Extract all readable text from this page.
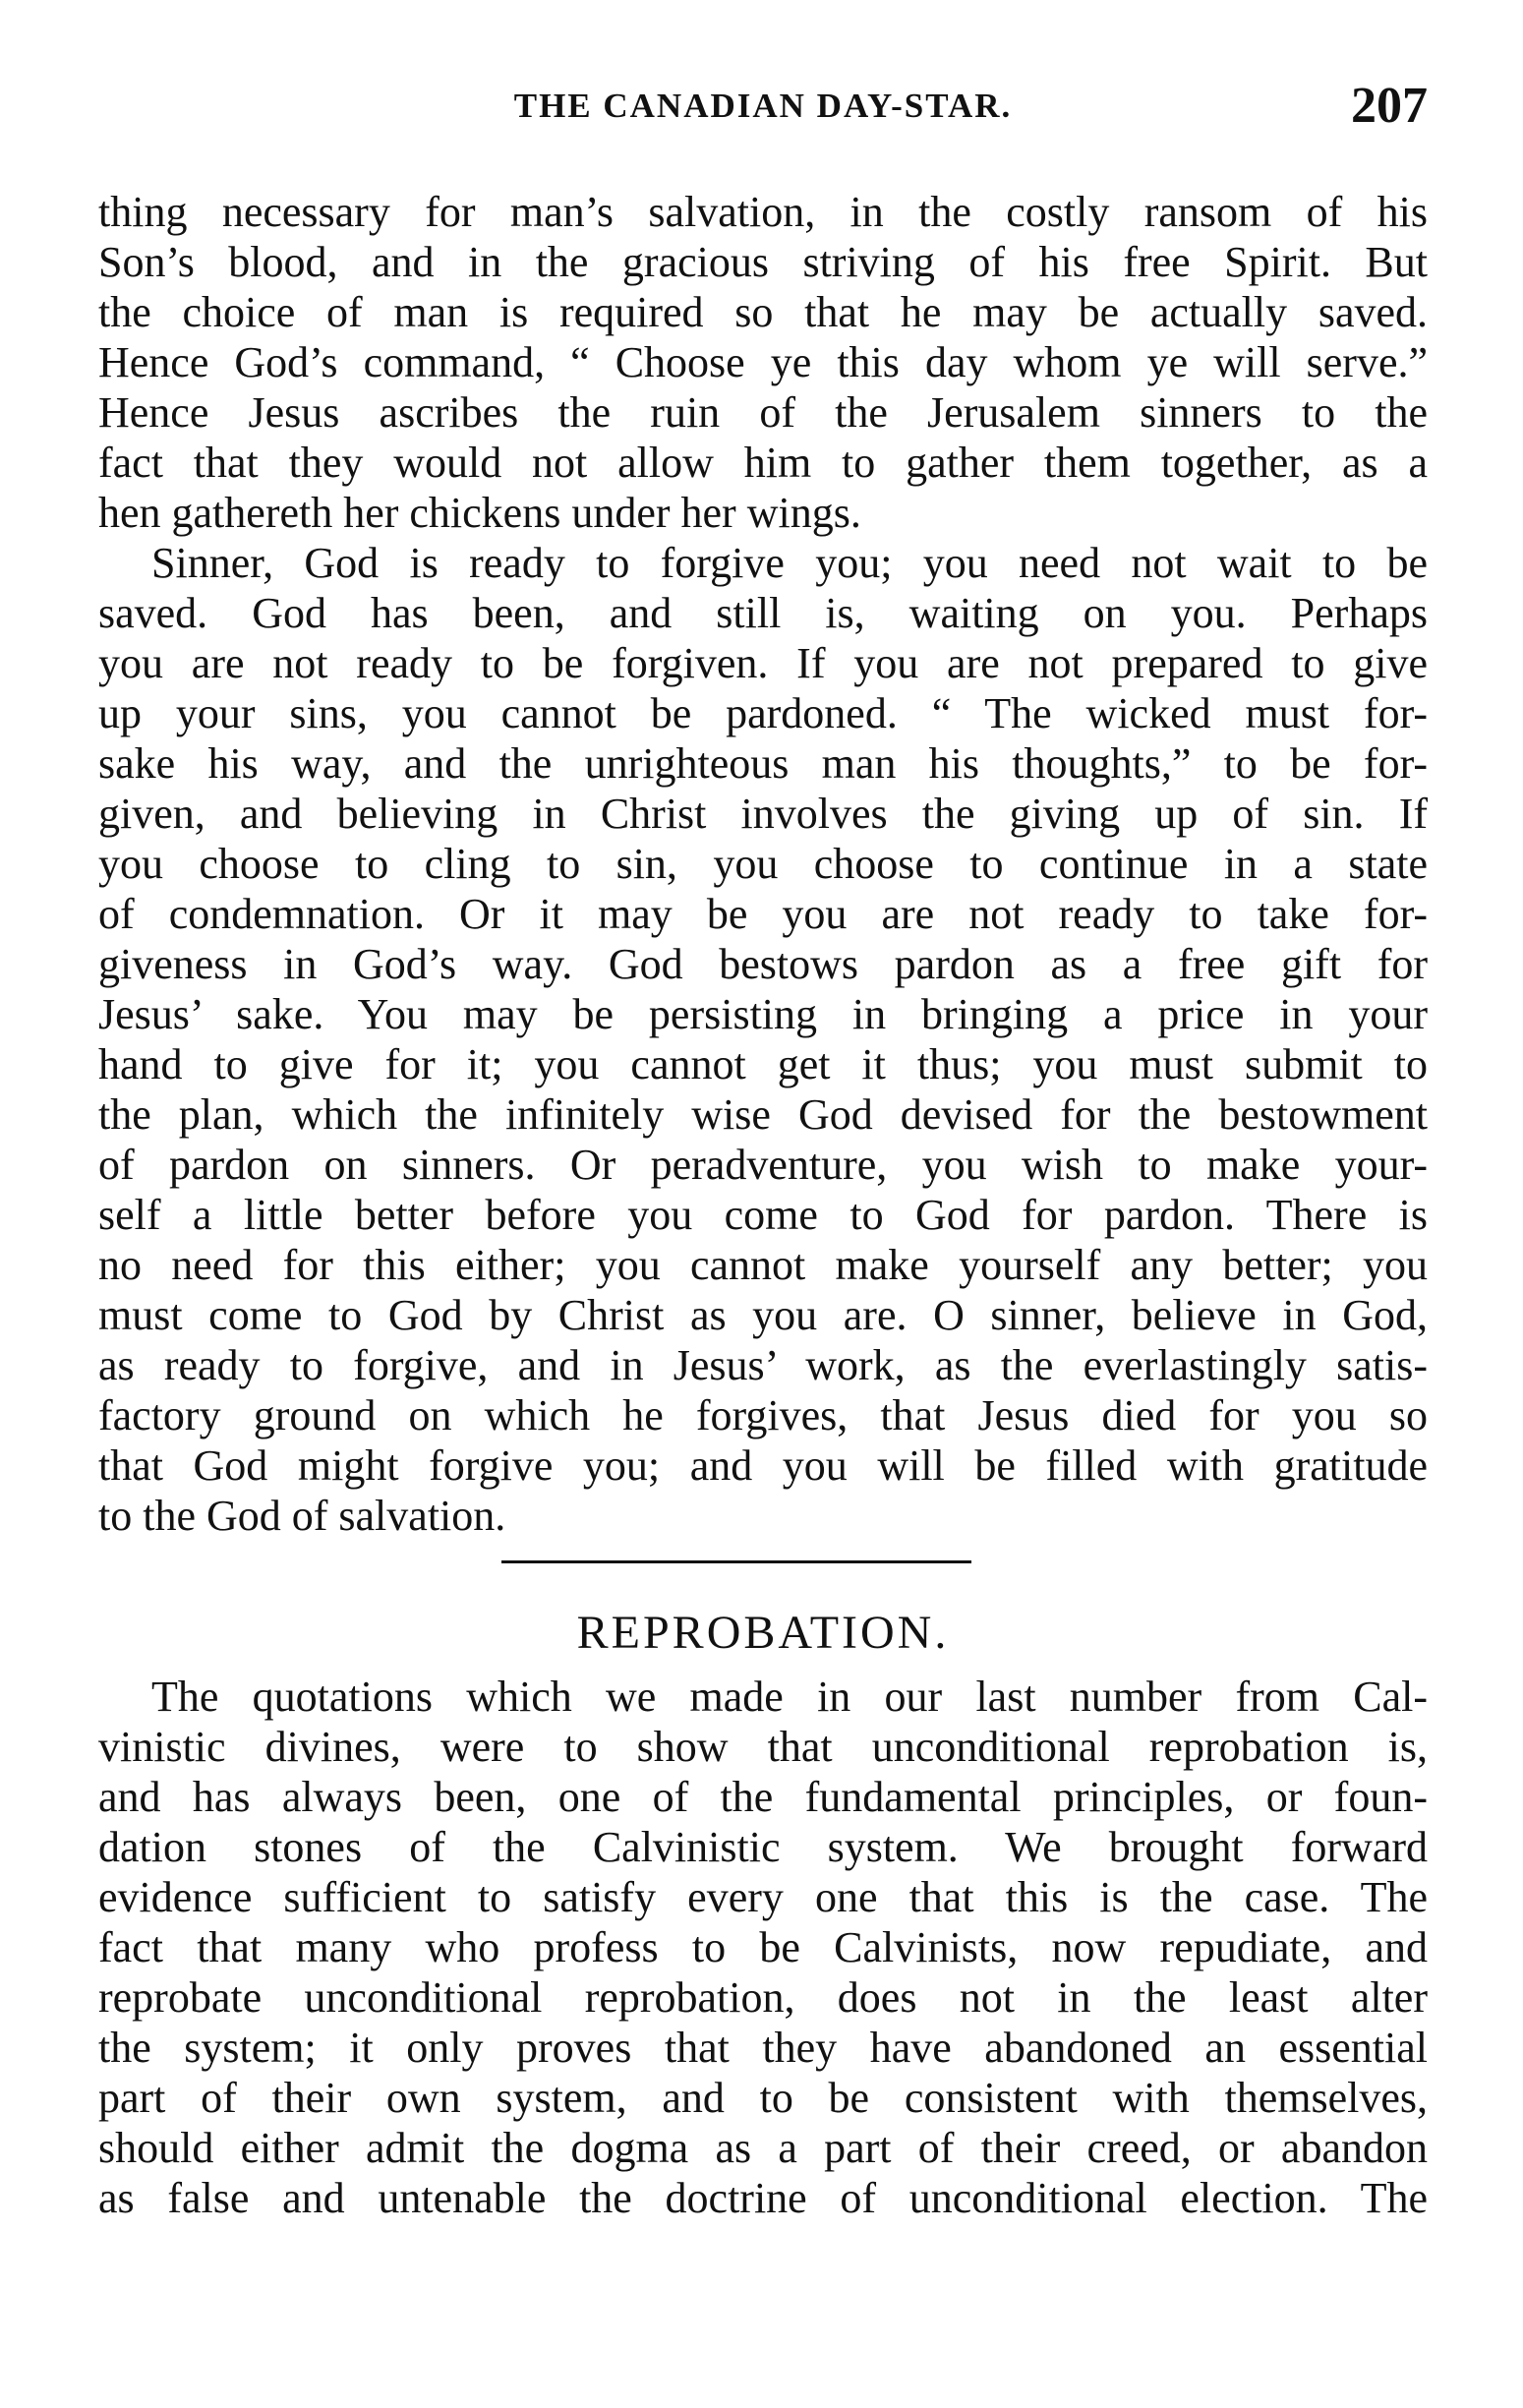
THE CANADIAN DAY-STAR.	207
thing necessary for man’s salvation, in the costly ransom of his
Son’s blood, and in the gracious striving of his free Spirit. But
the choice of man is required so that he may be actually saved.
Hence God’s command, “ Choose ye this day whom ye will serve.”
Hence Jesus ascribes the ruin of the Jerusalem sinners to the
fact that they would not allow him to gather them together, as a
hen gathereth her chickens under her wings.
Sinner, God is ready to forgive you; you need not wait to be
saved. God has been, and still is, waiting on you. Perhaps
you are not ready to be forgiven. If you are not prepared to give
up your sins, you cannot be pardoned. “ The wicked must for-
sake his way, and the unrighteous man his thoughts,” to be for-
given, and believing in Christ involves the giving up of sin. If
you choose to cling to sin, you choose to continue in a state
of condemnation. Or it may be you are not ready to take for-
giveness in God’s way. God bestows pardon as a free gift for
Jesus’ sake. You may be persisting in bringing a price in your
hand to give for it; you cannot get it thus; you must submit to
the plan, which the infinitely wise God devised for the bestowment
of pardon on sinners. Or peradventure, you wish to make your-
self a little better before you come to God for pardon. There is
no need for this either; you cannot make yourself any better; you
must come to God by Christ as you are. O sinner, believe in God,
as ready to forgive, and in Jesus’ work, as the everlastingly satis-
factory ground on which he forgives, that Jesus died for you so
that God might forgive you; and you will be filled with gratitude
to the God of salvation.
REPROBATION.
The quotations which we made in our last number from Cal-
vinistic divines, were to show that unconditional reprobation is,
and has always been, one of the fundamental principles, or foun-
dation stones of the Calvinistic system. We brought forward
evidence sufficient to satisfy every one that this is the case. The
fact that many who profess to be Calvinists, now repudiate, and
reprobate unconditional reprobation, does not in the least alter
the system; it only proves that they have abandoned an essential
part of their own system, and to be consistent with themselves,
should either admit the dogma as a part of their creed, or abandon
as false and untenable the doctrine of unconditional election. The
